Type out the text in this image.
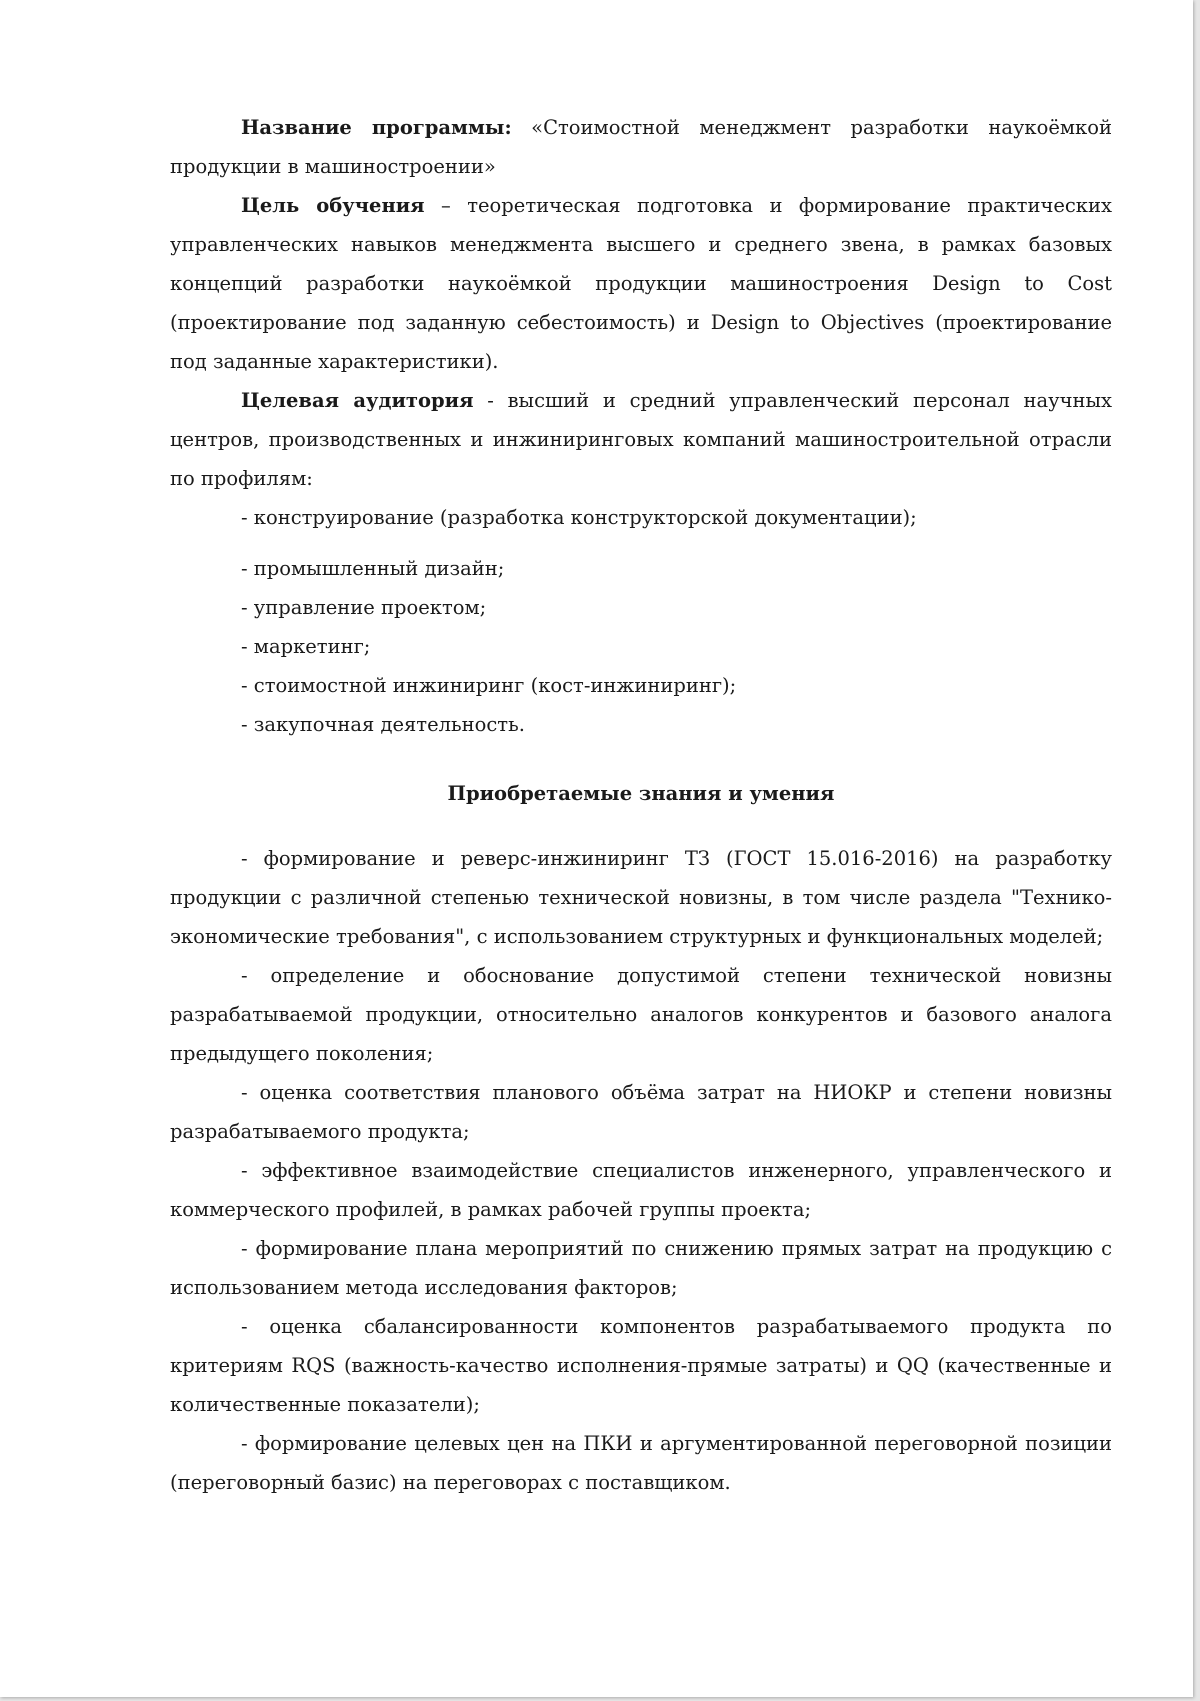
Название программы: «Стоимостной менеджмент разработки наукоёмкой продукции в машиностроении»

Цель обучения – теоретическая подготовка и формирование практических управленческих навыков менеджмента высшего и среднего звена, в рамках базовых концепций разработки наукоёмкой продукции машиностроения Design to Cost (проектирование под заданную себестоимость) и Design to Objectives (проектирование под заданные характеристики).

Целевая аудитория - высший и средний управленческий персонал научных центров, производственных и инжиниринговых компаний машиностроительной отрасли по профилям:

- конструирование (разработка конструкторской документации);
- промышленный дизайн;
- управление проектом;
- маркетинг;
- стоимостной инжиниринг (кост-инжиниринг);
- закупочная деятельность.
Приобретаемые знания и умения

- формирование и реверс-инжиниринг ТЗ (ГОСТ 15.016-2016) на разработку продукции с различной степенью технической новизны, в том числе раздела "Технико-экономические требования", с использованием структурных и функциональных моделей;

- определение и обоснование допустимой степени технической новизны разрабатываемой продукции, относительно аналогов конкурентов и базового аналога предыдущего поколения;

- оценка соответствия планового объёма затрат на НИОКР и степени новизны разрабатываемого продукта;

- эффективное взаимодействие специалистов инженерного, управленческого и коммерческого профилей, в рамках рабочей группы проекта;

- формирование плана мероприятий по снижению прямых затрат на продукцию с использованием метода исследования факторов;

- оценка сбалансированности компонентов разрабатываемого продукта по критериям RQS (важность-качество исполнения-прямые затраты) и QQ (качественные и количественные показатели);

- формирование целевых цен на ПКИ и аргументированной переговорной позиции (переговорный базис) на переговорах с поставщиком.
